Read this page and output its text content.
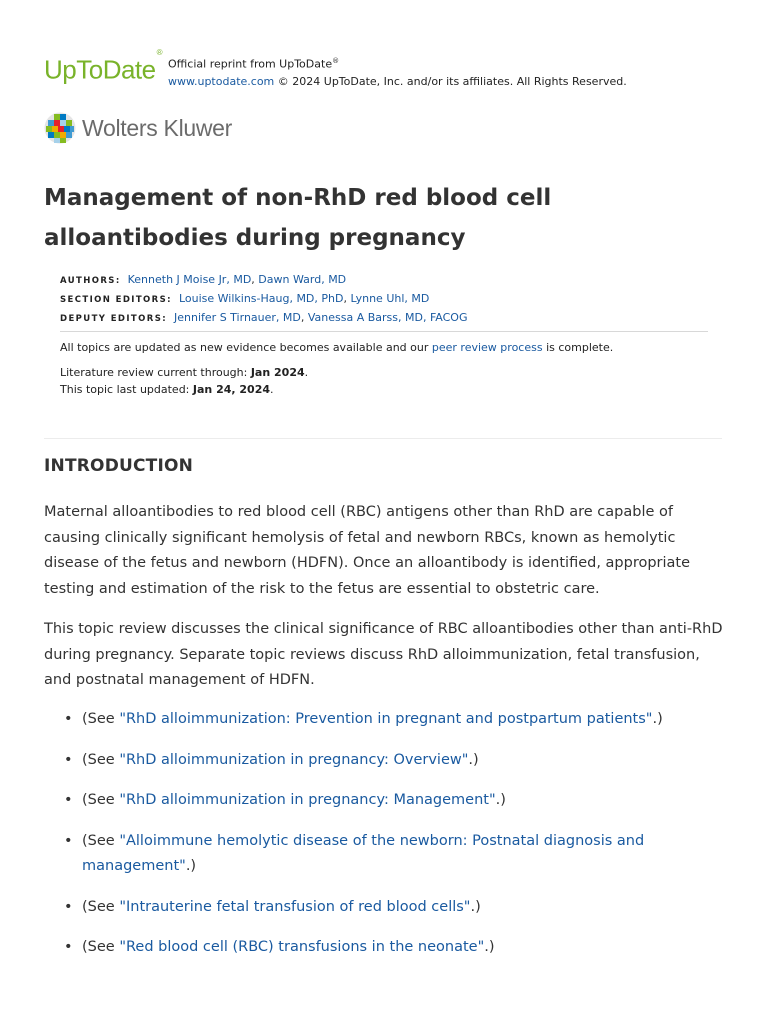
UpToDate®
Official reprint from UpToDate®
www.uptodate.com © 2024 UpToDate, Inc. and/or its affiliates. All Rights Reserved.
Wolters Kluwer
Management of non-RhD red blood cell alloantibodies during pregnancy
AUTHORS: Kenneth J Moise Jr, MD, Dawn Ward, MD
SECTION EDITORS: Louise Wilkins-Haug, MD, PhD, Lynne Uhl, MD
DEPUTY EDITORS: Jennifer S Tirnauer, MD, Vanessa A Barss, MD, FACOG
All topics are updated as new evidence becomes available and our peer review process is complete.
Literature review current through: Jan 2024.
This topic last updated: Jan 24, 2024.
INTRODUCTION

Maternal alloantibodies to red blood cell (RBC) antigens other than RhD are capable of causing clinically significant hemolysis of fetal and newborn RBCs, known as hemolytic disease of the fetus and newborn (HDFN). Once an alloantibody is identified, appropriate testing and estimation of the risk to the fetus are essential to obstetric care.

This topic review discusses the clinical significance of RBC alloantibodies other than anti-RhD during pregnancy. Separate topic reviews discuss RhD alloimmunization, fetal transfusion, and postnatal management of HDFN.

• (See "RhD alloimmunization: Prevention in pregnant and postpartum patients".)
• (See "RhD alloimmunization in pregnancy: Overview".)
• (See "RhD alloimmunization in pregnancy: Management".)
• (See "Alloimmune hemolytic disease of the newborn: Postnatal diagnosis and management".)
• (See "Intrauterine fetal transfusion of red blood cells".)
• (See "Red blood cell (RBC) transfusions in the neonate".)
